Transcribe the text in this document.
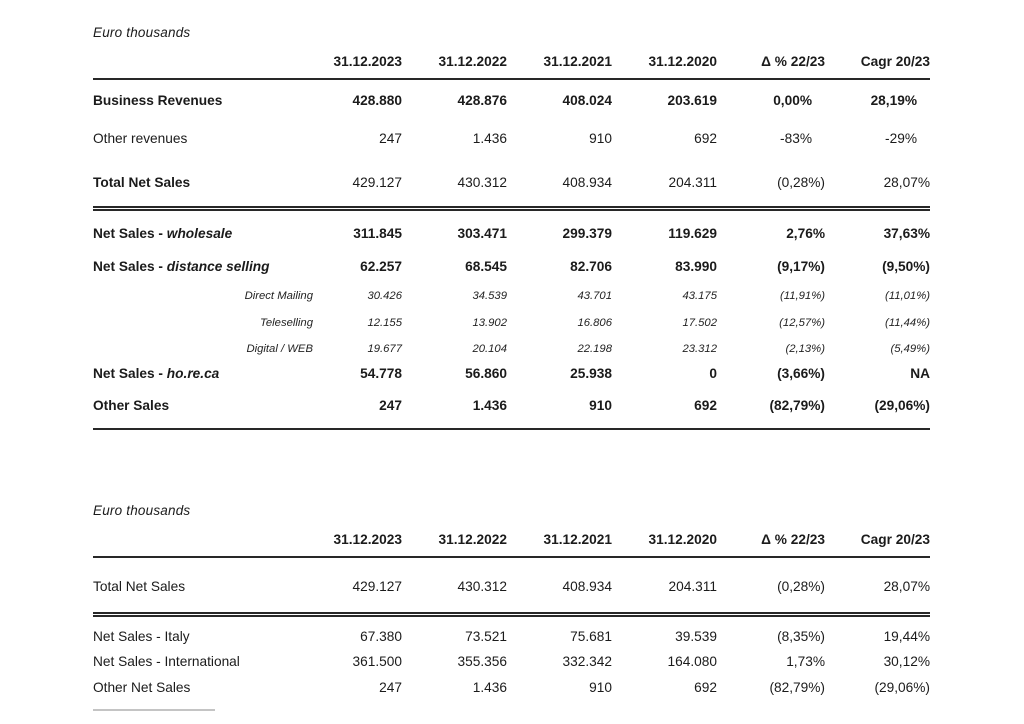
Euro thousands
	31.12.2023	31.12.2022	31.12.2021	31.12.2020	Δ % 22/23	Cagr 20/23
Business Revenues	428.880	428.876	408.024	203.619	0,00%	28,19%
Other revenues	247	1.436	910	692	-83%	-29%
Total Net Sales	429.127	430.312	408.934	204.311	(0,28%)	28,07%
Net Sales - wholesale	311.845	303.471	299.379	119.629	2,76%	37,63%
Net Sales - distance selling	62.257	68.545	82.706	83.990	(9,17%)	(9,50%)
Direct Mailing	30.426	34.539	43.701	43.175	(11,91%)	(11,01%)
Teleselling	12.155	13.902	16.806	17.502	(12,57%)	(11,44%)
Digital / WEB	19.677	20.104	22.198	23.312	(2,13%)	(5,49%)
Net Sales - ho.re.ca	54.778	56.860	25.938	0	(3,66%)	NA
Other Sales	247	1.436	910	692	(82,79%)	(29,06%)
Euro thousands
	31.12.2023	31.12.2022	31.12.2021	31.12.2020	Δ % 22/23	Cagr 20/23
Total Net Sales	429.127	430.312	408.934	204.311	(0,28%)	28,07%
Net Sales - Italy	67.380	73.521	75.681	39.539	(8,35%)	19,44%
Net Sales - International	361.500	355.356	332.342	164.080	1,73%	30,12%
Other Net Sales	247	1.436	910	692	(82,79%)	(29,06%)
